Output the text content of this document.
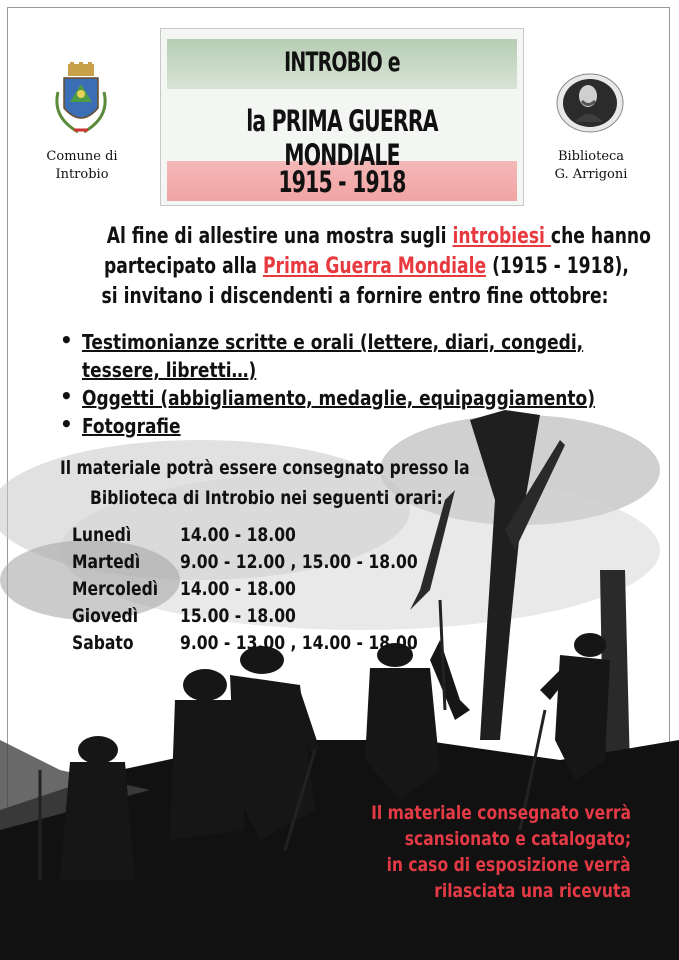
Comune di
Introbio
Biblioteca
G. Arrigoni
INTROBIO e
la PRIMA GUERRA MONDIALE
1915 - 1918
Al fine di allestire una mostra sugli introbiesi che hanno
partecipato alla Prima Guerra Mondiale (1915 - 1918),
si invitano i discendenti a fornire entro fine ottobre:
• Testimonianze scritte e orali (lettere, diari, congedi,
tessere, libretti…)
• Oggetti (abbigliamento, medaglie, equipaggiamento)
• Fotografie
Il materiale potrà essere consegnato presso la
Biblioteca di Introbio nei seguenti orari:
Lunedì	14.00 - 18.00
Martedì	9.00 - 12.00 , 15.00 - 18.00
Mercoledì 14.00 - 18.00
Giovedì	15.00 - 18.00
Sabato	9.00 - 13.00 , 14.00 - 18.00
Il materiale consegnato verrà
scansionato e catalogato;
in caso di esposizione verrà
rilasciata una ricevuta
